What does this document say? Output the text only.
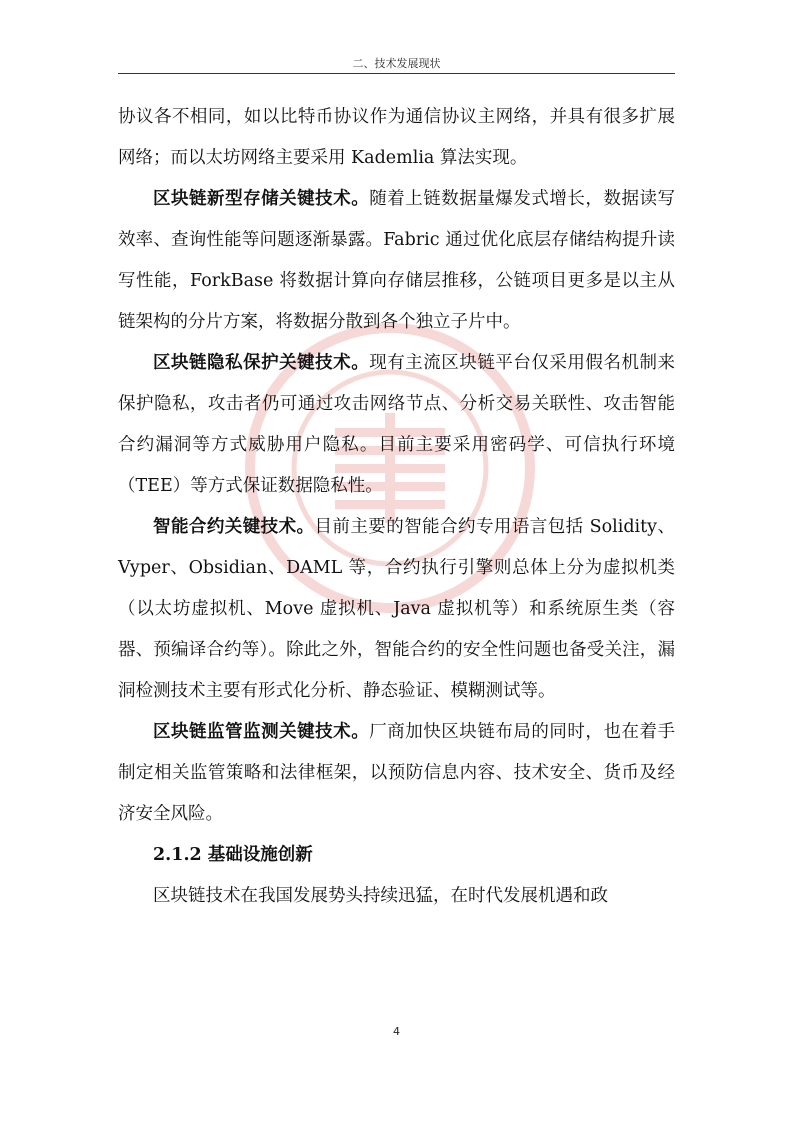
二、技术发展现状

协议各不相同，如以比特币协议作为通信协议主网络，并具有很多扩展网络；而以太坊网络主要采用 Kademlia 算法实现。

区块链新型存储关键技术。随着上链数据量爆发式增长，数据读写效率、查询性能等问题逐渐暴露。Fabric 通过优化底层存储结构提升读写性能，ForkBase 将数据计算向存储层推移，公链项目更多是以主从链架构的分片方案，将数据分散到各个独立子片中。

区块链隐私保护关键技术。现有主流区块链平台仅采用假名机制来保护隐私，攻击者仍可通过攻击网络节点、分析交易关联性、攻击智能合约漏洞等方式威胁用户隐私。目前主要采用密码学、可信执行环境（TEE）等方式保证数据隐私性。

智能合约关键技术。目前主要的智能合约专用语言包括 Solidity、Vyper、Obsidian、DAML 等，合约执行引擎则总体上分为虚拟机类（以太坊虚拟机、Move 虚拟机、Java 虚拟机等）和系统原生类（容器、预编译合约等）。除此之外，智能合约的安全性问题也备受关注，漏洞检测技术主要有形式化分析、静态验证、模糊测试等。

区块链监管监测关键技术。厂商加快区块链布局的同时，也在着手制定相关监管策略和法律框架，以预防信息内容、技术安全、货币及经济安全风险。

2.1.2 基础设施创新

区块链技术在我国发展势头持续迅猛，在时代发展机遇和政

4
